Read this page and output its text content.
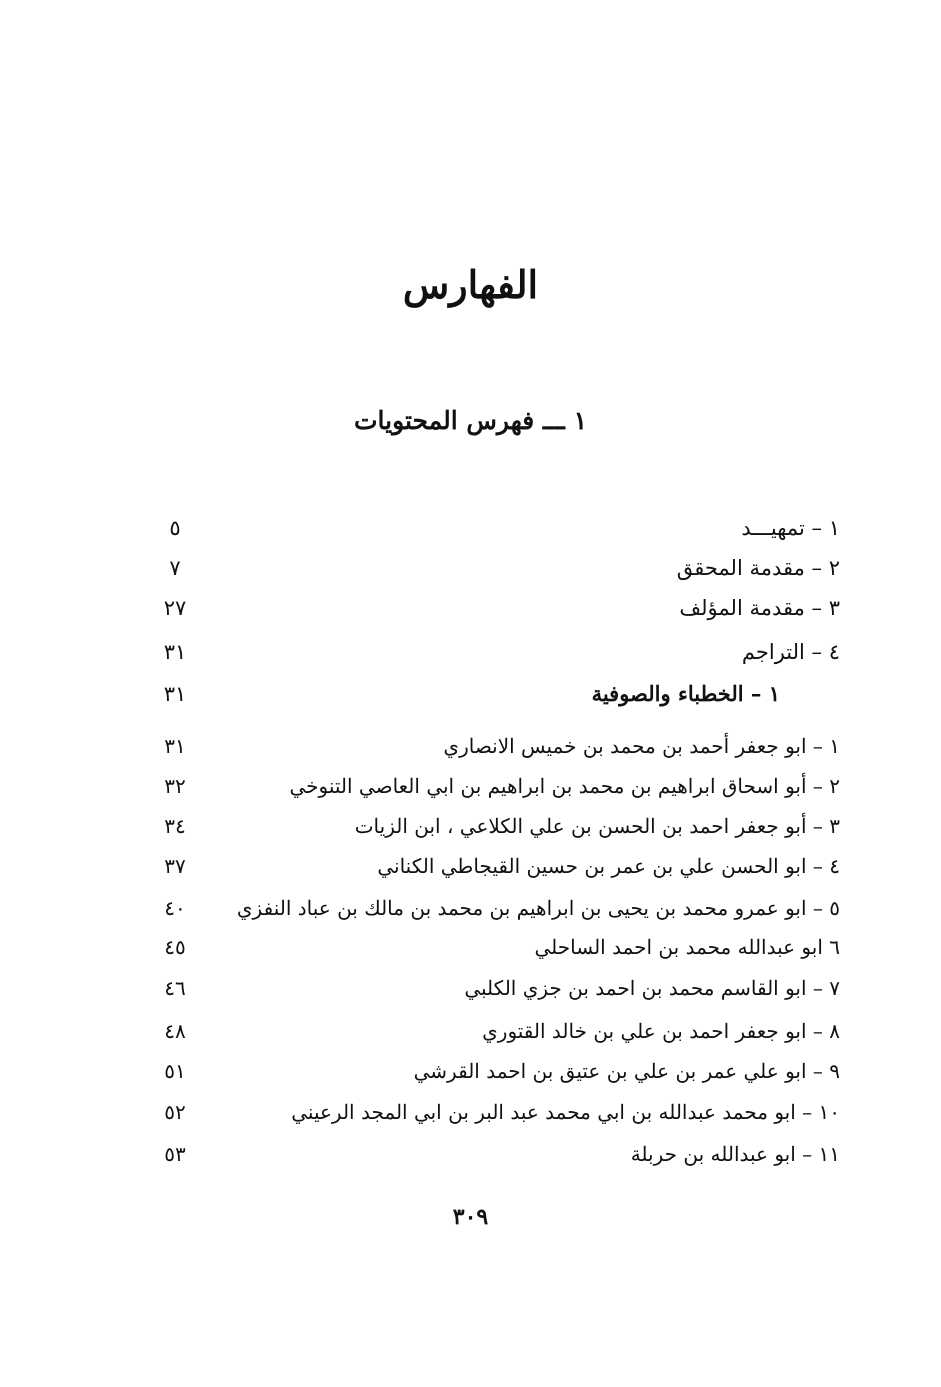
الفهارس
١ ـــ فهرس المحتويات
١ – تمهيـــد
٥
٢ – مقدمة المحقق
٧
٣ – مقدمة المؤلف
٢٧
٤ – التراجم
٣١
١ – الخطباء والصوفية
٣١
١ – ابو جعفر أحمد بن محمد بن خميس الانصاري
٣١
٢ – أبو اسحاق ابراهيم بن محمد بن ابراهيم بن ابي العاصي التنوخي
٣٢
٣ – أبو جعفر احمد بن الحسن بن علي الكلاعي ، ابن الزيات
٣٤
٤ – ابو الحسن علي بن عمر بن حسين القيجاطي الكناني
٣٧
٥ – ابو عمرو محمد بن يحيى بن ابراهيم بن محمد بن مالك بن عباد النفزي
٤٠
٦ ابو عبدالله محمد بن احمد الساحلي
٤٥
٧ – ابو القاسم محمد بن احمد بن جزي الكلبي
٤٦
٨ – ابو جعفر احمد بن علي بن خالد القتوري
٤٨
٩ – ابو علي عمر بن علي بن عتيق بن احمد القرشي
٥١
١٠ – ابو محمد عبدالله بن ابي محمد عبد البر بن ابي المجد الرعيني
٥٢
١١ – ابو عبدالله بن حربلة
٥٣
٣٠٩
